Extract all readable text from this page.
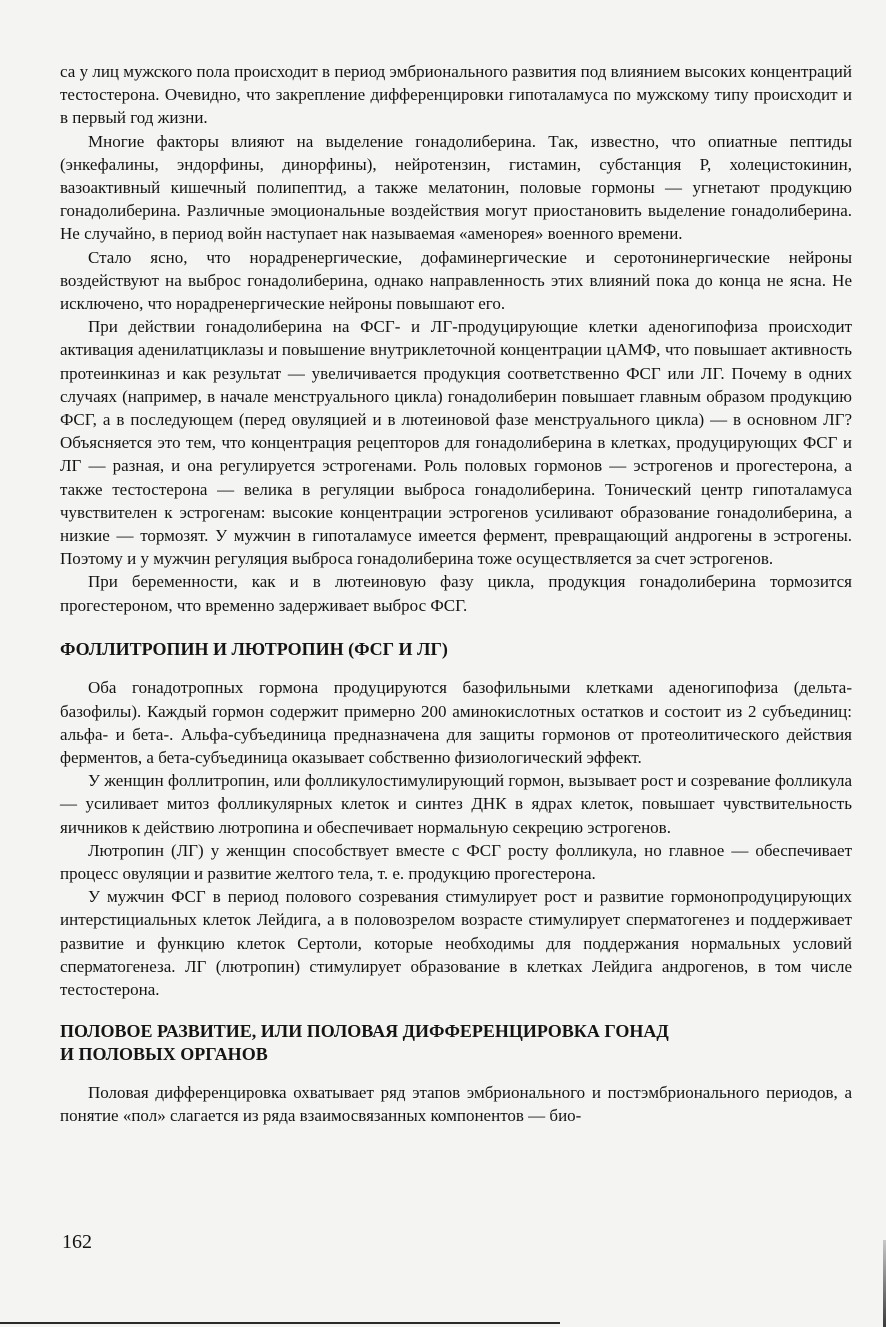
са у лиц мужского пола происходит в период эмбрионального развития под влиянием высоких концентраций тестостерона. Очевидно, что закрепление дифференцировки гипоталамуса по мужскому типу происходит и в первый год жизни.

Многие факторы влияют на выделение гонадолиберина. Так, известно, что опиатные пептиды (энкефалины, эндорфины, динорфины), нейротензин, гистамин, субстанция Р, холецистокинин, вазоактивный кишечный полипептид, а также мелатонин, половые гормоны — угнетают продукцию гонадолиберина. Различные эмоциональные воздействия могут приостановить выделение гонадолиберина. Не случайно, в период войн наступает нак называемая «аменорея» военного времени.

Стало ясно, что норадренергические, дофаминергические и серотонинергические нейроны воздействуют на выброс гонадолиберина, однако направленность этих влияний пока до конца не ясна. Не исключено, что норадренергические нейроны повышают его.

При действии гонадолиберина на ФСГ- и ЛГ-продуцирующие клетки аденогипофиза происходит активация аденилатциклазы и повышение внутриклеточной концентрации цАМФ, что повышает активность протеинкиназ и как результат — увеличивается продукция соответственно ФСГ или ЛГ. Почему в одних случаях (например, в начале менструального цикла) гонадолиберин повышает главным образом продукцию ФСГ, а в последующем (перед овуляцией и в лютеиновой фазе менструального цикла) — в основном ЛГ? Объясняется это тем, что концентрация рецепторов для гонадолиберина в клетках, продуцирующих ФСГ и ЛГ — разная, и она регулируется эстрогенами. Роль половых гормонов — эстрогенов и прогестерона, а также тестостерона — велика в регуляции выброса гонадолиберина. Тонический центр гипоталамуса чувствителен к эстрогенам: высокие концентрации эстрогенов усиливают образование гонадолиберина, а низкие — тормозят. У мужчин в гипоталамусе имеется фермент, превращающий андрогены в эстрогены. Поэтому и у мужчин регуляция выброса гонадолиберина тоже осуществляется за счет эстрогенов.

При беременности, как и в лютеиновую фазу цикла, продукция гонадолиберина тормозится прогестероном, что временно задерживает выброс ФСГ.

ФОЛЛИТРОПИН И ЛЮТРОПИН (ФСГ И ЛГ)

Оба гонадотропных гормона продуцируются базофильными клетками аденогипофиза (дельта-базофилы). Каждый гормон содержит примерно 200 аминокислотных остатков и состоит из 2 субъединиц: альфа- и бета-. Альфа-субъединица предназначена для защиты гормонов от протеолитического действия ферментов, а бета-субъединица оказывает собственно физиологический эффект.

У женщин фоллитропин, или фолликулостимулирующий гормон, вызывает рост и созревание фолликула — усиливает митоз фолликулярных клеток и синтез ДНК в ядрах клеток, повышает чувствительность яичников к действию лютропина и обеспечивает нормальную секрецию эстрогенов.

Лютропин (ЛГ) у женщин способствует вместе с ФСГ росту фолликула, но главное — обеспечивает процесс овуляции и развитие желтого тела, т. е. продукцию прогестерона.

У мужчин ФСГ в период полового созревания стимулирует рост и развитие гормонопродуцирующих интерстициальных клеток Лейдига, а в половозрелом возрасте стимулирует сперматогенез и поддерживает развитие и функцию клеток Сертоли, которые необходимы для поддержания нормальных условий сперматогенеза. ЛГ (лютропин) стимулирует образование в клетках Лейдига андрогенов, в том числе тестостерона.

ПОЛОВОЕ РАЗВИТИЕ, ИЛИ ПОЛОВАЯ ДИФФЕРЕНЦИРОВКА ГОНАД
И ПОЛОВЫХ ОРГАНОВ

Половая дифференцировка охватывает ряд этапов эмбрионального и постэмбрионального периодов, а понятие «пол» слагается из ряда взаимосвязанных компонентов — био-

162
